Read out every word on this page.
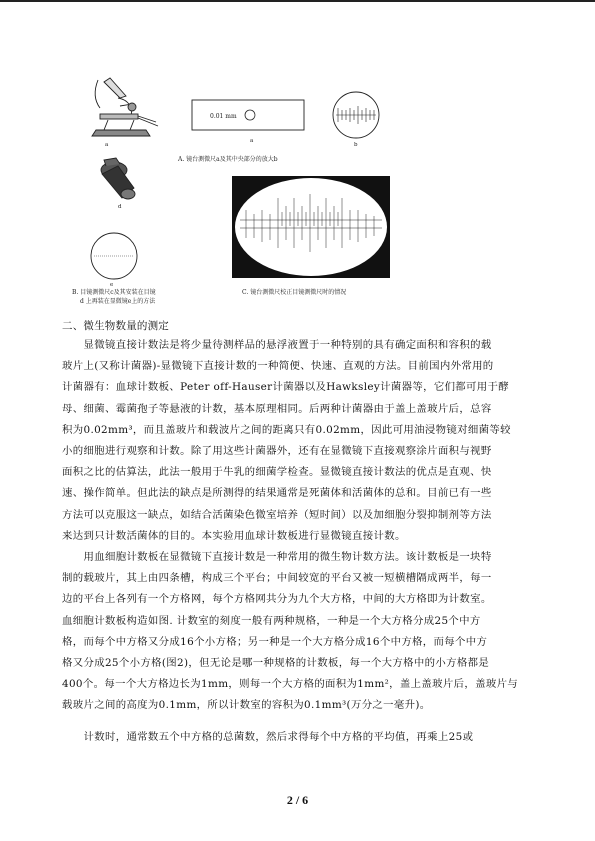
a
d
e
B. 目镜测微尺c及其安装在目镜
d 上再装在显微镜e上的方法
0.01 mm
a
b
A. 镜台测微尺a及其中央部分的放大b
C. 镜台测微尺校正目镜测微尺时的情况
二、微生物数量的测定
　　显微镜直接计数法是将少量待测样品的悬浮液置于一种特别的具有确定面积和容积的载
玻片上(又称计菌器)-显微镜下直接计数的一种简便、快速、直观的方法。目前国内外常用的
计菌器有：血球计数板、Peter off-Hauser计菌器以及Hawksley计菌器等，它们都可用于酵
母、细菌、霉菌孢子等悬液的计数，基本原理相同。后两种计菌器由于盖上盖玻片后，总容
积为0.02mm³，而且盖玻片和载波片之间的距离只有0.02mm，因此可用油浸物镜对细菌等较
小的细胞进行观察和计数。除了用这些计菌器外，还有在显微镜下直接观察涂片面积与视野
面积之比的估算法，此法一般用于牛乳的细菌学检查。显微镜直接计数法的优点是直观、快
速、操作简单。但此法的缺点是所测得的结果通常是死菌体和活菌体的总和。目前已有一些
方法可以克服这一缺点，如结合活菌染色微室培养（短时间）以及加细胞分裂抑制剂等方法
来达到只计数活菌体的目的。本实验用血球计数板进行显微镜直接计数。
　　用血细胞计数板在显微镜下直接计数是一种常用的微生物计数方法。该计数板是一块特
制的载玻片，其上由四条槽，构成三个平台；中间较宽的平台又被一短横槽隔成两半，每一
边的平台上各列有一个方格网，每个方格网共分为九个大方格，中间的大方格即为计数室。
血细胞计数板构造如图. 计数室的刻度一般有两种规格，一种是一个大方格分成25个中方
格，而每个中方格又分成16个小方格；另一种是一个大方格分成16个中方格，而每个中方
格又分成25个小方格(图2)，但无论是哪一种规格的计数板，每一个大方格中的小方格都是
400个。每一个大方格边长为1mm，则每一个大方格的面积为1mm²，盖上盖玻片后，盖玻片与
载玻片之间的高度为0.1mm，所以计数室的容积为0.1mm³(万分之一毫升)。
　　计数时，通常数五个中方格的总菌数，然后求得每个中方格的平均值，再乘上25或
2 / 6
